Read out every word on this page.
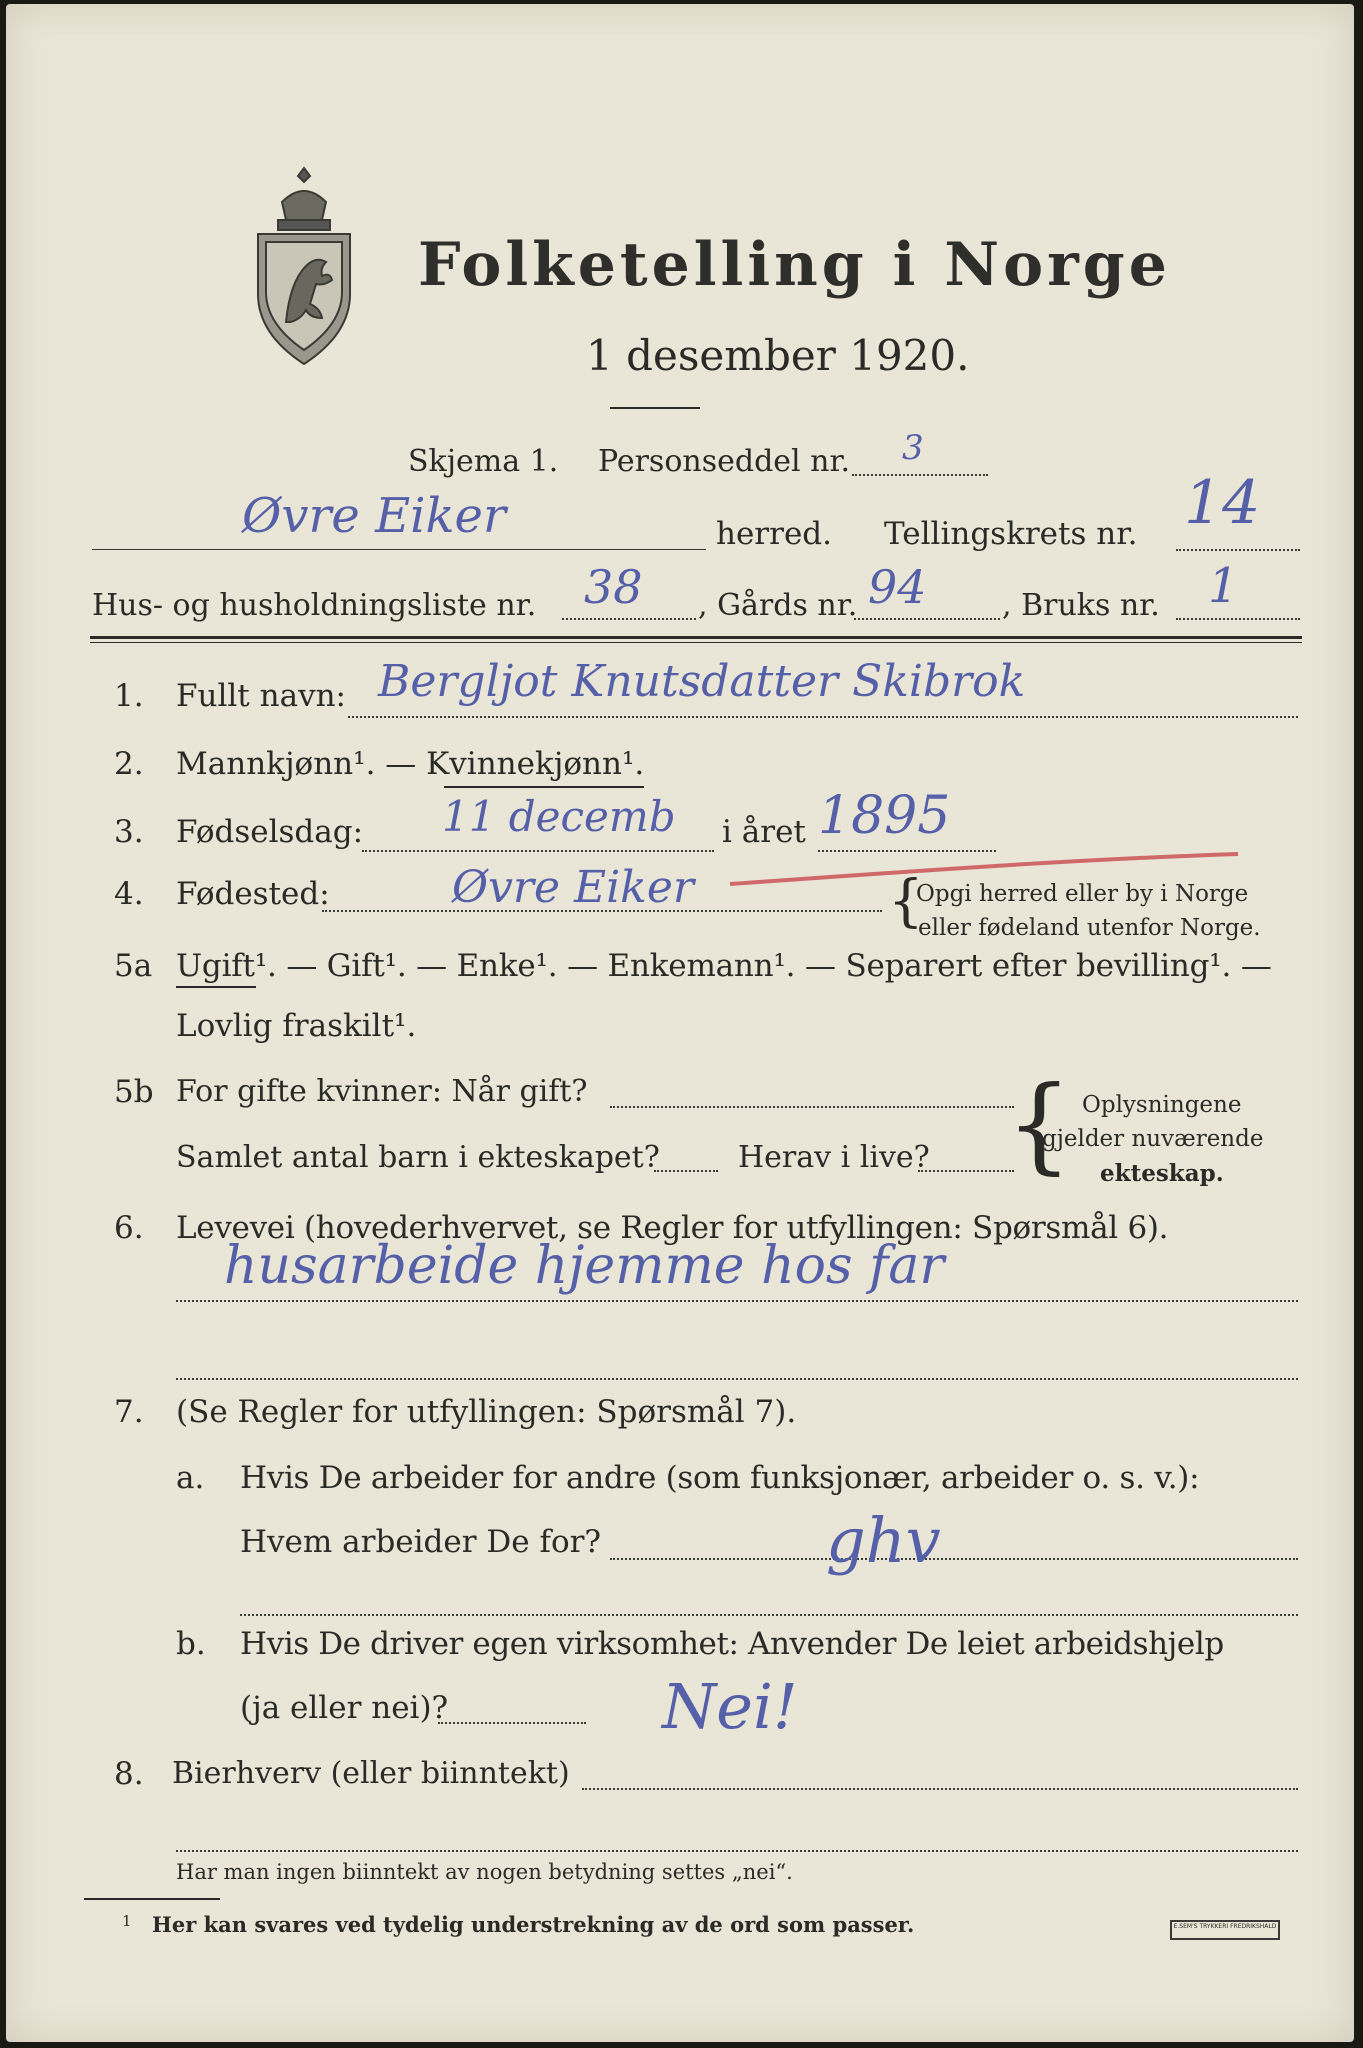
Folketelling i Norge
1 desember 1920.
Skjema 1. Personseddel nr. 3
Øvre Eiker	herred. Tellingskrets nr. 14
Hus- og husholdningsliste nr. 38 , Gårds nr. 94	, Bruks nr. 1
1. Fullt navn: Bergljot Knutsdatter Skibrok
2. Mannkjønn¹. — Kvinnekjønn¹.
3. Fødselsdag: 11 decemb i året 1895
4. Fødested:	Øvre Eiker	{
Opgi herred eller by i Norge
eller fødeland utenfor Norge.
5a Ugift¹. — Gift¹. — Enke¹. — Enkemann¹. — Separert efter bevilling¹. —
Lovlig fraskilt¹.
5b For gifte kvinner: Når gift?
Samlet antal barn i ekteskapet?	Herav i live? { Oplysningene
gjelder nuværende
ekteskap.
6. Levevei (hovederhvervet, se Regler for utfyllingen: Spørsmål 6).
husarbeide hjemme hos far
7. (Se Regler for utfyllingen: Spørsmål 7).
a. Hvis De arbeider for andre (som funksjonær, arbeider o. s. v.):
Hvem arbeider De for?	ghv
b. Hvis De driver egen virksomhet: Anvender De leiet arbeidshjelp
(ja eller nei)?	Nei!
8. Bierhverv (eller biinntekt)
Har man ingen biinntekt av nogen betydning settes „nei“.
1 Her kan svares ved tydelig understrekning av de ord som passer.	E.SEM'S TRYKKERI FREDRIKSHALD
